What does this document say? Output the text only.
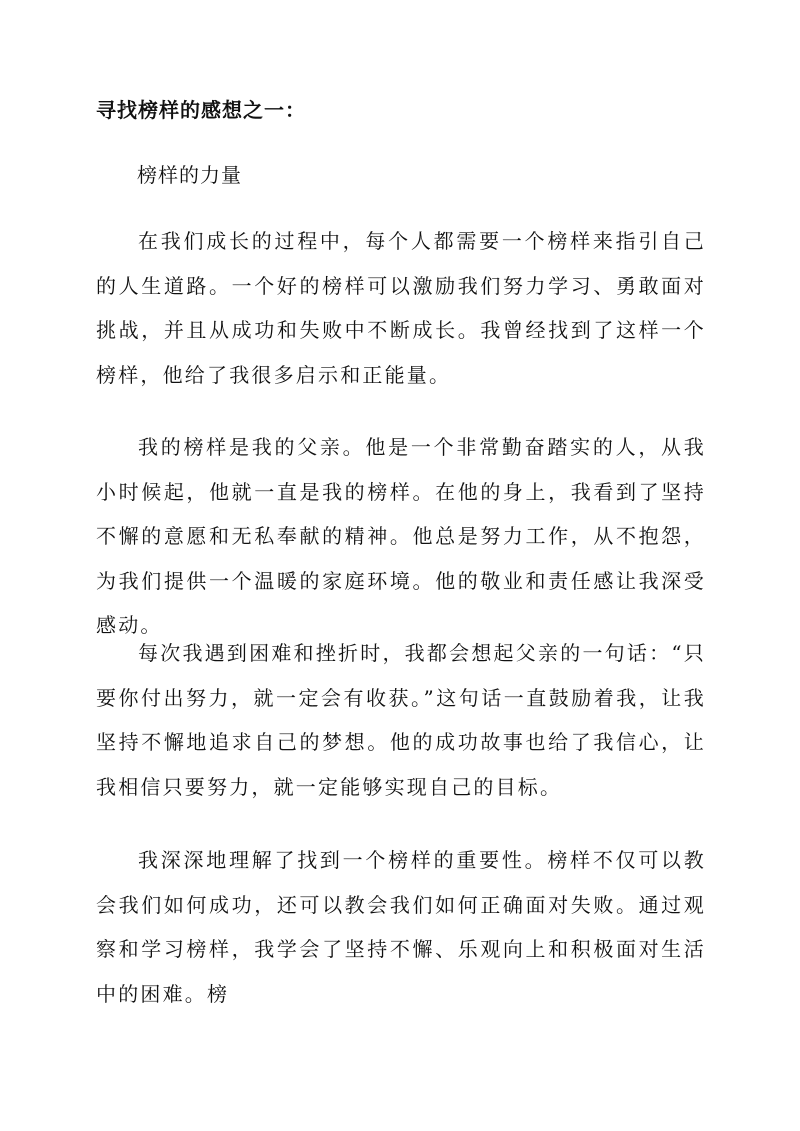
寻找榜样的感想之一：
榜样的力量

在我们成长的过程中，每个人都需要一个榜样来指引自己的人生道路。一个好的榜样可以激励我们努力学习、勇敢面对挑战，并且从成功和失败中不断成长。我曾经找到了这样一个榜样，他给了我很多启示和正能量。

我的榜样是我的父亲。他是一个非常勤奋踏实的人，从我小时候起，他就一直是我的榜样。在他的身上，我看到了坚持不懈的意愿和无私奉献的精神。他总是努力工作，从不抱怨，为我们提供一个温暖的家庭环境。他的敬业和责任感让我深受感动。

每次我遇到困难和挫折时，我都会想起父亲的一句话：“只要你付出努力，就一定会有收获。”这句话一直鼓励着我，让我坚持不懈地追求自己的梦想。他的成功故事也给了我信心，让我相信只要努力，就一定能够实现自己的目标。

我深深地理解了找到一个榜样的重要性。榜样不仅可以教会我们如何成功，还可以教会我们如何正确面对失败。通过观察和学习榜样，我学会了坚持不懈、乐观向上和积极面对生活中的困难。榜
